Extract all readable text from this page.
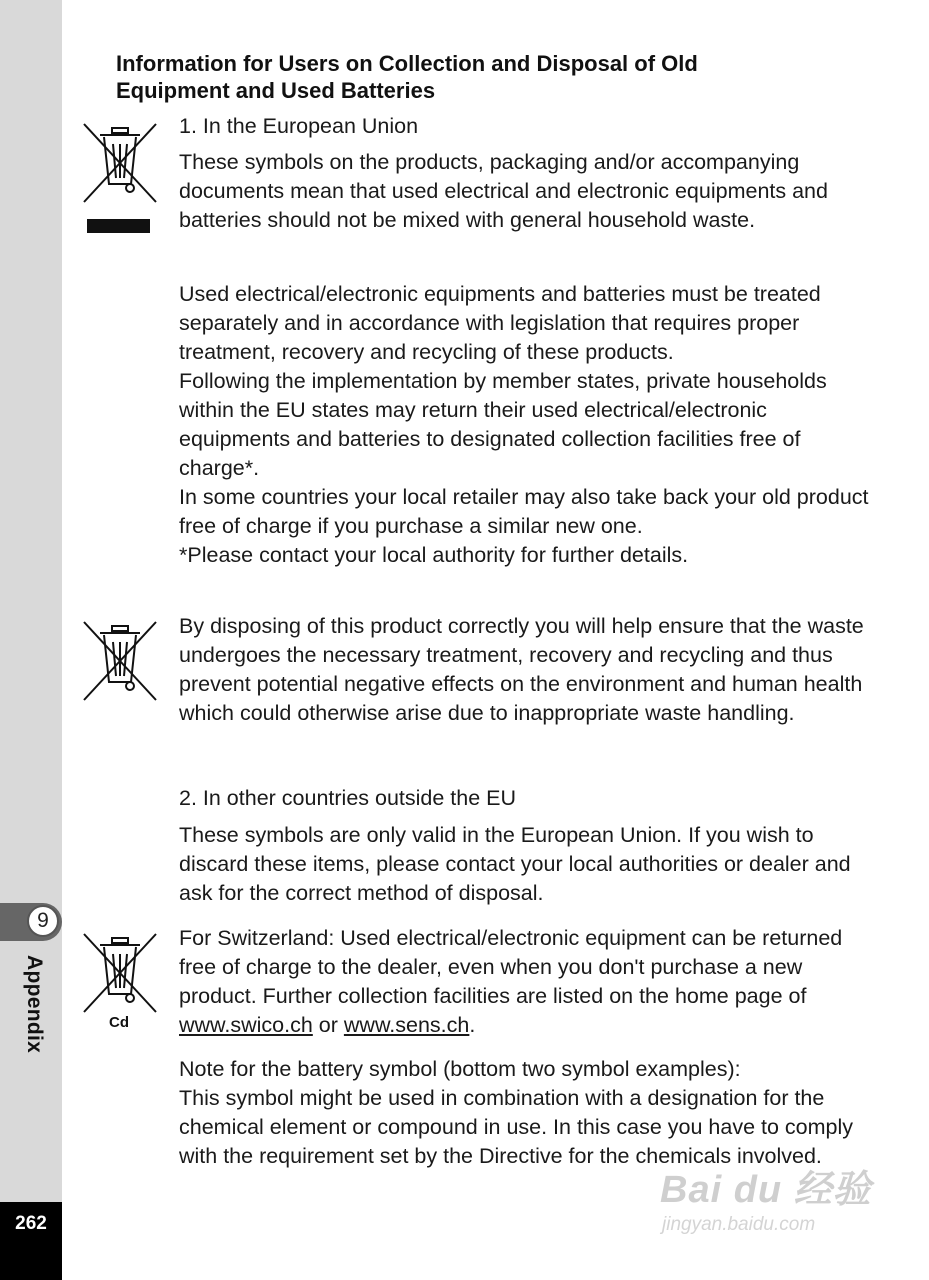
9
Appendix
262
Information for Users on Collection and Disposal of Old
Equipment and Used Batteries

1. In the European Union

These symbols on the products, packaging and/or accompanying documents mean that used electrical and electronic equipments and batteries should not be mixed with general household waste.

Used electrical/electronic equipments and batteries must be treated separately and in accordance with legislation that requires proper treatment, recovery and recycling of these products.
Following the implementation by member states, private households within the EU states may return their used electrical/electronic equipments and batteries to designated collection facilities free of charge*.
In some countries your local retailer may also take back your old product free of charge if you purchase a similar new one.
*Please contact your local authority for further details.

By disposing of this product correctly you will help ensure that the waste undergoes the necessary treatment, recovery and recycling and thus prevent potential negative effects on the environment and human health which could otherwise arise due to inappropriate waste handling.

2. In other countries outside the EU

These symbols are only valid in the European Union. If you wish to discard these items, please contact your local authorities or dealer and ask for the correct method of disposal.

Cd

For Switzerland: Used electrical/electronic equipment can be returned free of charge to the dealer, even when you don't purchase a new product. Further collection facilities are listed on the home page of www.swico.ch or www.sens.ch.

Note for the battery symbol (bottom two symbol examples):
This symbol might be used in combination with a designation for the chemical element or compound in use. In this case you have to comply with the requirement set by the Directive for the chemicals involved.
Bai du 经验
jingyan.baidu.com
